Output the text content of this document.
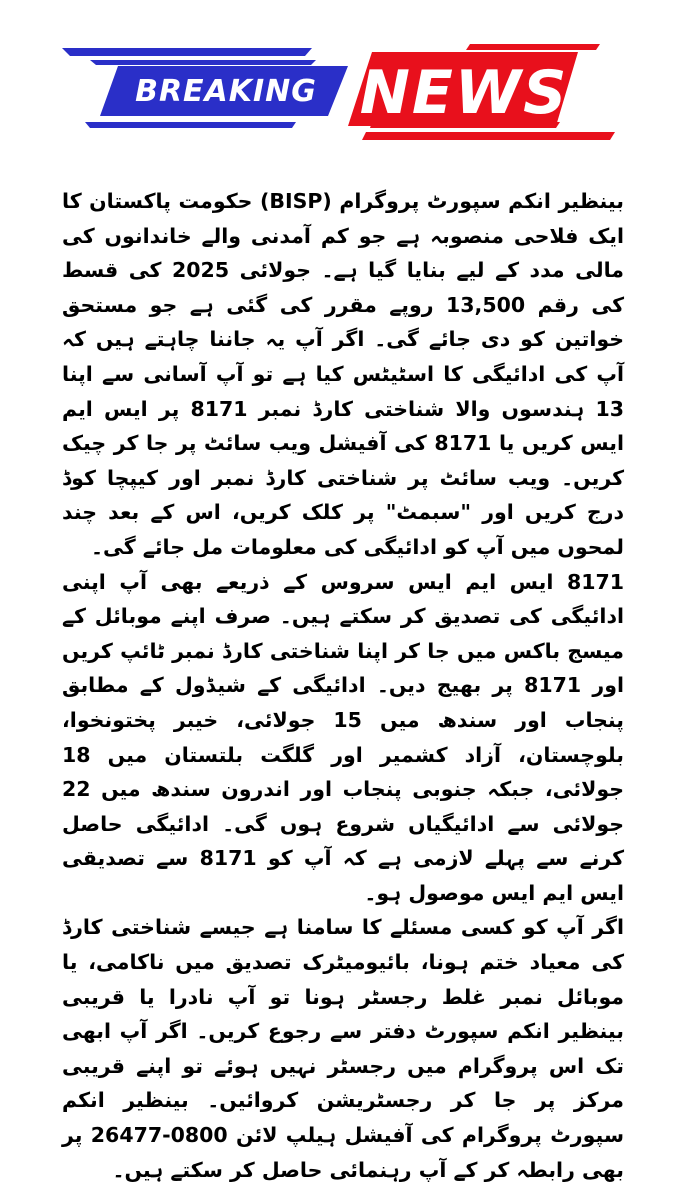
BREAKING NEWS

بینظیر انکم سپورٹ پروگرام (BISP) حکومت پاکستان کا ایک فلاحی منصوبہ ہے جو کم آمدنی والے خاندانوں کی مالی مدد کے لیے بنایا گیا ہے۔ جولائی 2025 کی قسط کی رقم 13,500 روپے مقرر کی گئی ہے جو مستحق خواتین کو دی جائے گی۔ اگر آپ یہ جاننا چاہتے ہیں کہ آپ کی ادائیگی کا اسٹیٹس کیا ہے تو آپ آسانی سے اپنا 13 ہندسوں والا شناختی کارڈ نمبر 8171 پر ایس ایم ایس کریں یا 8171 کی آفیشل ویب سائٹ پر جا کر چیک کریں۔ ویب سائٹ پر شناختی کارڈ نمبر اور کیپچا کوڈ درج کریں اور "سبمٹ" پر کلک کریں، اس کے بعد چند لمحوں میں آپ کو ادائیگی کی معلومات مل جائے گی۔

8171 ایس ایم ایس سروس کے ذریعے بھی آپ اپنی ادائیگی کی تصدیق کر سکتے ہیں۔ صرف اپنے موبائل کے میسج باکس میں جا کر اپنا شناختی کارڈ نمبر ٹائپ کریں اور 8171 پر بھیج دیں۔ ادائیگی کے شیڈول کے مطابق پنجاب اور سندھ میں 15 جولائی، خیبر پختونخوا، بلوچستان، آزاد کشمیر اور گلگت بلتستان میں 18 جولائی، جبکہ جنوبی پنجاب اور اندرون سندھ میں 22 جولائی سے ادائیگیاں شروع ہوں گی۔ ادائیگی حاصل کرنے سے پہلے لازمی ہے کہ آپ کو 8171 سے تصدیقی ایس ایم ایس موصول ہو۔

اگر آپ کو کسی مسئلے کا سامنا ہے جیسے شناختی کارڈ کی معیاد ختم ہونا، بائیومیٹرک تصدیق میں ناکامی، یا موبائل نمبر غلط رجسٹر ہونا تو آپ نادرا یا قریبی بینظیر انکم سپورٹ دفتر سے رجوع کریں۔ اگر آپ ابھی تک اس پروگرام میں رجسٹر نہیں ہوئے تو اپنے قریبی مرکز پر جا کر رجسٹریشن کروائیں۔ بینظیر انکم سپورٹ پروگرام کی آفیشل ہیلپ لائن 0800-26477 پر بھی رابطہ کر کے آپ رہنمائی حاصل کر سکتے ہیں۔
